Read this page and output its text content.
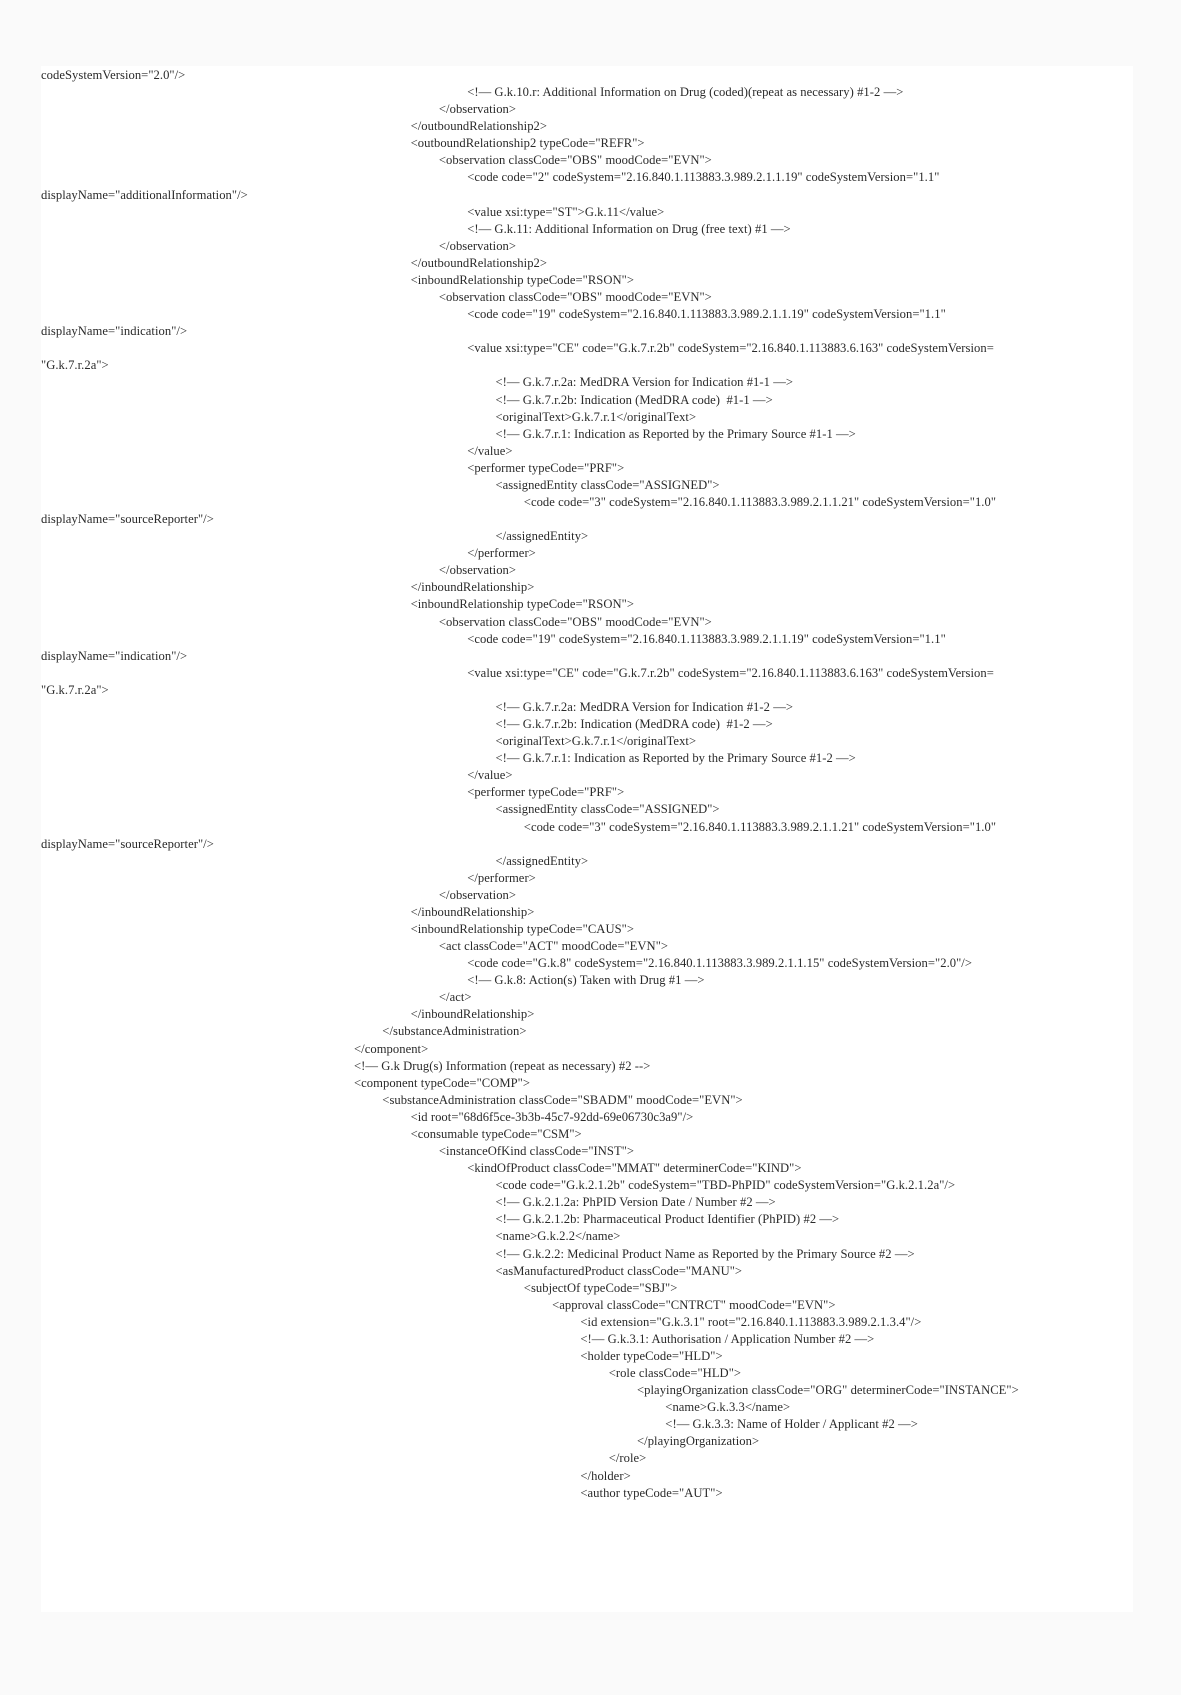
codeSystemVersion="2.0"/>
<!— G.k.10.r: Additional Information on Drug (coded)(repeat as necessary) #1-2 —>
</observation>
</outboundRelationship2>
<outboundRelationship2 typeCode="REFR">
<observation classCode="OBS" moodCode="EVN">
<code code="2" codeSystem="2.16.840.1.113883.3.989.2.1.1.19" codeSystemVersion="1.1"
displayName="additionalInformation"/>
<value xsi:type="ST">G.k.11</value>
<!— G.k.11: Additional Information on Drug (free text) #1 —>
</observation>
</outboundRelationship2>
<inboundRelationship typeCode="RSON">
<observation classCode="OBS" moodCode="EVN">
<code code="19" codeSystem="2.16.840.1.113883.3.989.2.1.1.19" codeSystemVersion="1.1"
displayName="indication"/>
<value xsi:type="CE" code="G.k.7.r.2b" codeSystem="2.16.840.1.113883.6.163" codeSystemVersion=
"G.k.7.r.2a">
<!— G.k.7.r.2a: MedDRA Version for Indication #1-1 —>
<!— G.k.7.r.2b: Indication (MedDRA code)  #1-1 —>
<originalText>G.k.7.r.1</originalText>
<!— G.k.7.r.1: Indication as Reported by the Primary Source #1-1 —>
</value>
<performer typeCode="PRF">
<assignedEntity classCode="ASSIGNED">
<code code="3" codeSystem="2.16.840.1.113883.3.989.2.1.1.21" codeSystemVersion="1.0"
displayName="sourceReporter"/>
</assignedEntity>
</performer>
</observation>
</inboundRelationship>
<inboundRelationship typeCode="RSON">
<observation classCode="OBS" moodCode="EVN">
<code code="19" codeSystem="2.16.840.1.113883.3.989.2.1.1.19" codeSystemVersion="1.1"
displayName="indication"/>
<value xsi:type="CE" code="G.k.7.r.2b" codeSystem="2.16.840.1.113883.6.163" codeSystemVersion=
"G.k.7.r.2a">
<!— G.k.7.r.2a: MedDRA Version for Indication #1-2 —>
<!— G.k.7.r.2b: Indication (MedDRA code)  #1-2 —>
<originalText>G.k.7.r.1</originalText>
<!— G.k.7.r.1: Indication as Reported by the Primary Source #1-2 —>
</value>
<performer typeCode="PRF">
<assignedEntity classCode="ASSIGNED">
<code code="3" codeSystem="2.16.840.1.113883.3.989.2.1.1.21" codeSystemVersion="1.0"
displayName="sourceReporter"/>
</assignedEntity>
</performer>
</observation>
</inboundRelationship>
<inboundRelationship typeCode="CAUS">
<act classCode="ACT" moodCode="EVN">
<code code="G.k.8" codeSystem="2.16.840.1.113883.3.989.2.1.1.15" codeSystemVersion="2.0"/>
<!— G.k.8: Action(s) Taken with Drug #1 —>
</act>
</inboundRelationship>
</substanceAdministration>
</component>
<!— G.k Drug(s) Information (repeat as necessary) #2 -->
<component typeCode="COMP">
<substanceAdministration classCode="SBADM" moodCode="EVN">
<id root="68d6f5ce-3b3b-45c7-92dd-69e06730c3a9"/>
<consumable typeCode="CSM">
<instanceOfKind classCode="INST">
<kindOfProduct classCode="MMAT" determinerCode="KIND">
<code code="G.k.2.1.2b" codeSystem="TBD-PhPID" codeSystemVersion="G.k.2.1.2a"/>
<!— G.k.2.1.2a: PhPID Version Date / Number #2 —>
<!— G.k.2.1.2b: Pharmaceutical Product Identifier (PhPID) #2 —>
<name>G.k.2.2</name>
<!— G.k.2.2: Medicinal Product Name as Reported by the Primary Source #2 —>
<asManufacturedProduct classCode="MANU">
<subjectOf typeCode="SBJ">
<approval classCode="CNTRCT" moodCode="EVN">
<id extension="G.k.3.1" root="2.16.840.1.113883.3.989.2.1.3.4"/>
<!— G.k.3.1: Authorisation / Application Number #2 —>
<holder typeCode="HLD">
<role classCode="HLD">
<playingOrganization classCode="ORG" determinerCode="INSTANCE">
<name>G.k.3.3</name>
<!— G.k.3.3: Name of Holder / Applicant #2 —>
</playingOrganization>
</role>
</holder>
<author typeCode="AUT">
